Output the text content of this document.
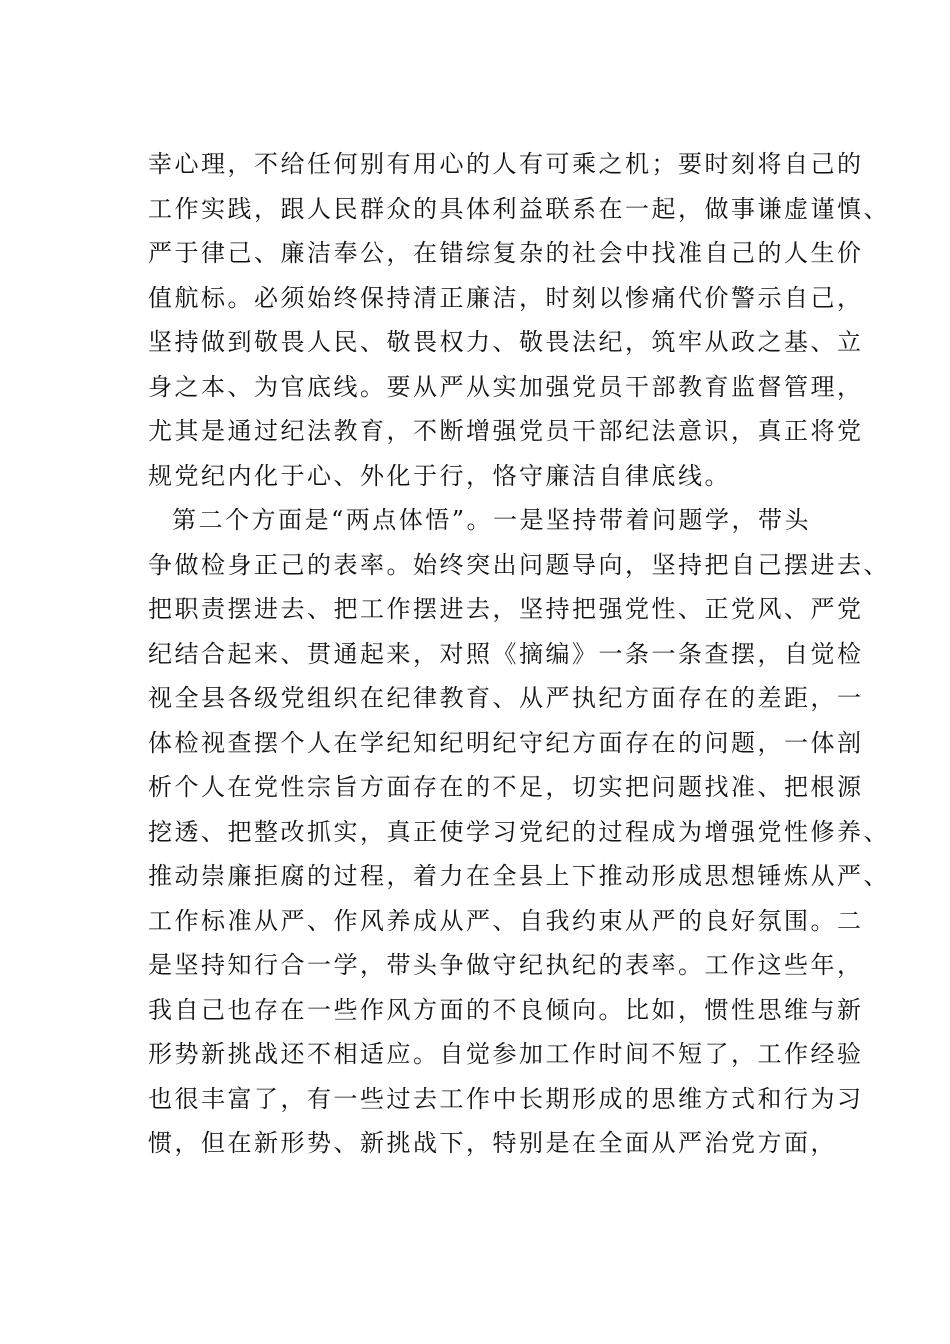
幸心理，不给任何别有用心的人有可乘之机；要时刻将自己的
工作实践，跟人民群众的具体利益联系在一起，做事谦虚谨慎、
严于律己、廉洁奉公，在错综复杂的社会中找准自己的人生价
值航标。必须始终保持清正廉洁，时刻以惨痛代价警示自己，
坚持做到敬畏人民、敬畏权力、敬畏法纪，筑牢从政之基、立
身之本、为官底线。要从严从实加强党员干部教育监督管理，
尤其是通过纪法教育，不断增强党员干部纪法意识，真正将党
规党纪内化于心、外化于行，恪守廉洁自律底线。
第二个方面是“两点体悟”。一是坚持带着问题学，带头
争做检身正己的表率。始终突出问题导向，坚持把自己摆进去、
把职责摆进去、把工作摆进去，坚持把强党性、正党风、严党
纪结合起来、贯通起来，对照《摘编》一条一条查摆，自觉检
视全县各级党组织在纪律教育、从严执纪方面存在的差距，一
体检视查摆个人在学纪知纪明纪守纪方面存在的问题，一体剖
析个人在党性宗旨方面存在的不足，切实把问题找准、把根源
挖透、把整改抓实，真正使学习党纪的过程成为增强党性修养、
推动崇廉拒腐的过程，着力在全县上下推动形成思想锤炼从严、
工作标准从严、作风养成从严、自我约束从严的良好氛围。二
是坚持知行合一学，带头争做守纪执纪的表率。工作这些年，
我自己也存在一些作风方面的不良倾向。比如，惯性思维与新
形势新挑战还不相适应。自觉参加工作时间不短了，工作经验
也很丰富了，有一些过去工作中长期形成的思维方式和行为习
惯，但在新形势、新挑战下，特别是在全面从严治党方面，
